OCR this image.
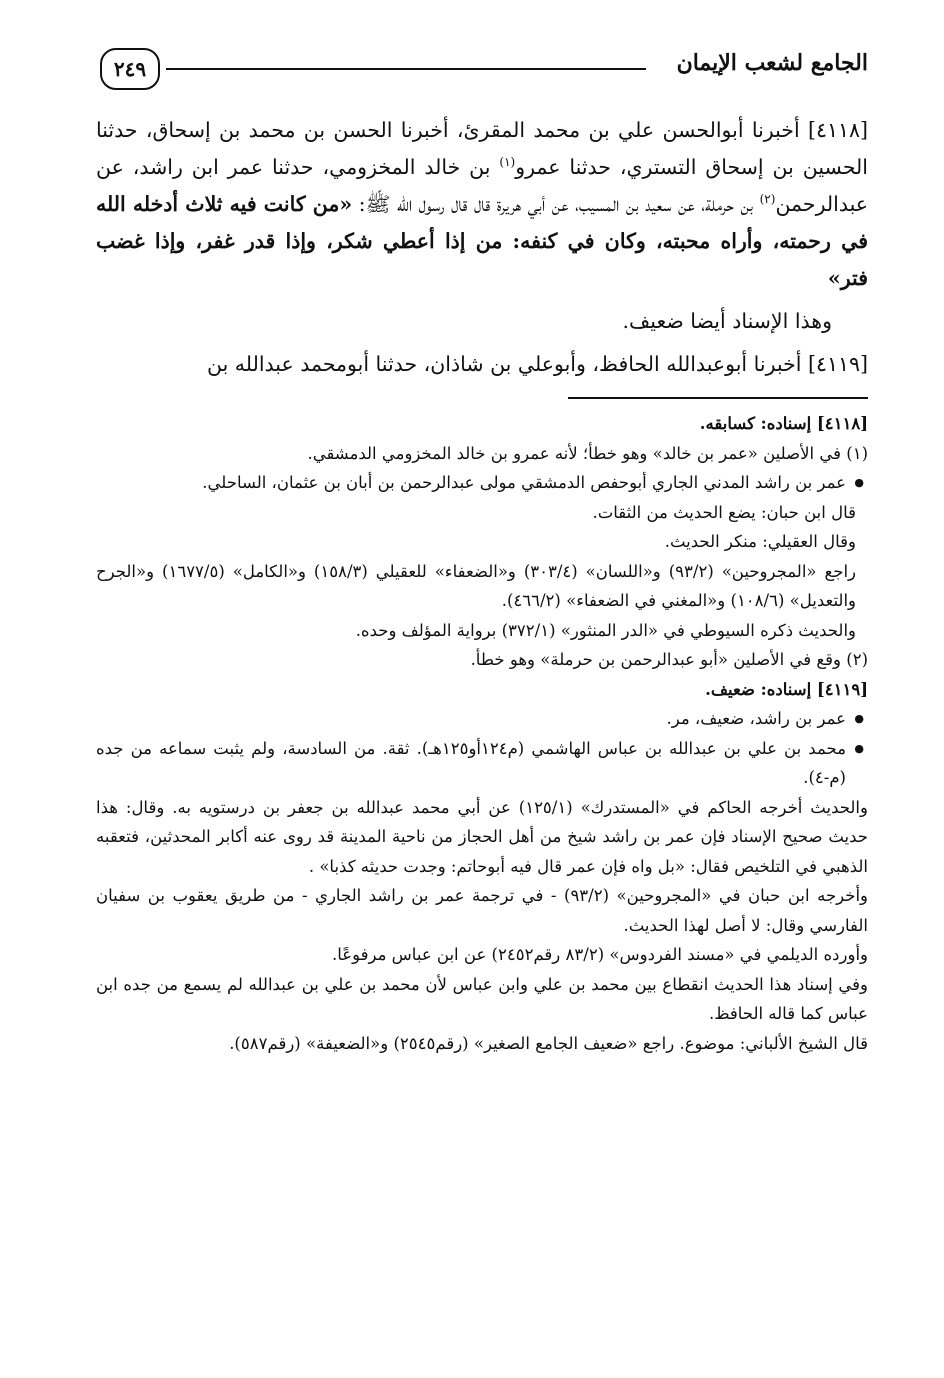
الجامع لشعب الإيمان
٢٤٩

[٤١١٨] أخبرنا أبوالحسن علي بن محمد المقرئ، أخبرنا الحسن بن محمد بن إسحاق، حدثنا الحسين بن إسحاق التستري، حدثنا عمرو$^{(١)}$ بن خالد المخزومي، حدثنا عمر ابن راشد، عن عبدالرحمن$^{(٢)}$ بن حرملة، عن سعيد بن المسيب، عن أبي هريرة قال قال رسول الله ﷺ: «من كانت فيه ثلاث أدخله الله في رحمته، وأراه محبته، وكان في كنفه: من إذا أعطي شكر، وإذا قدر غفر، وإذا غضب فتر»

وهذا الإسناد أيضا ضعيف.

[٤١١٩] أخبرنا أبوعبدالله الحافظ، وأبوعلي بن شاذان، حدثنا أبومحمد عبدالله بن

[٤١١٨] إسناده: كسابقه.

(١) في الأصلين «عمر بن خالد» وهو خطأ؛ لأنه عمرو بن خالد المخزومي الدمشقي.

● عمر بن راشد المدني الجاري أبوحفص الدمشقي مولى عبدالرحمن بن أبان بن عثمان، الساحلي.

قال ابن حبان: يضع الحديث من الثقات.

وقال العقيلي: منكر الحديث.

راجع «المجروحين» (٩٣/٢) و«اللسان» (٣٠٣/٤) و«الضعفاء» للعقيلي (١٥٨/٣) و«الكامل» (١٦٧٧/٥) و«الجرح والتعديل» (١٠٨/٦) و«المغني في الضعفاء» (٤٦٦/٢).

والحديث ذكره السيوطي في «الدر المنثور» (٣٧٢/١) برواية المؤلف وحده.

(٢) وقع في الأصلين «أبو عبدالرحمن بن حرملة» وهو خطأ.

[٤١١٩] إسناده: ضعيف.

● عمر بن راشد، ضعيف، مر.

● محمد بن علي بن عبدالله بن عباس الهاشمي (م١٢٤أو١٢٥هـ). ثقة. من السادسة، ولم يثبت سماعه من جده (م-٤).

والحديث أخرجه الحاكم في «المستدرك» (١٢٥/١) عن أبي محمد عبدالله بن جعفر بن درستويه به. وقال: هذا حديث صحيح الإسناد فإن عمر بن راشد شيخ من أهل الحجاز من ناحية المدينة قد روى عنه أكابر المحدثين، فتعقبه الذهبي في التلخيص فقال: «بل واه فإن عمر قال فيه أبوحاتم: وجدت حديثه كذبا» .

وأخرجه ابن حبان في «المجروحين» (٩٣/٢) - في ترجمة عمر بن راشد الجاري - من طريق يعقوب بن سفيان الفارسي وقال: لا أصل لهذا الحديث.

وأورده الديلمي في «مسند الفردوس» (٨٣/٢ رقم٢٤٥٢) عن ابن عباس مرفوعًا.

وفي إسناد هذا الحديث انقطاع بين محمد بن علي وابن عباس لأن محمد بن علي بن عبدالله لم يسمع من جده ابن عباس كما قاله الحافظ.

قال الشيخ الألباني: موضوع. راجع «ضعيف الجامع الصغير» (رقم٢٥٤٥) و«الضعيفة» (رقم٥٨٧).
